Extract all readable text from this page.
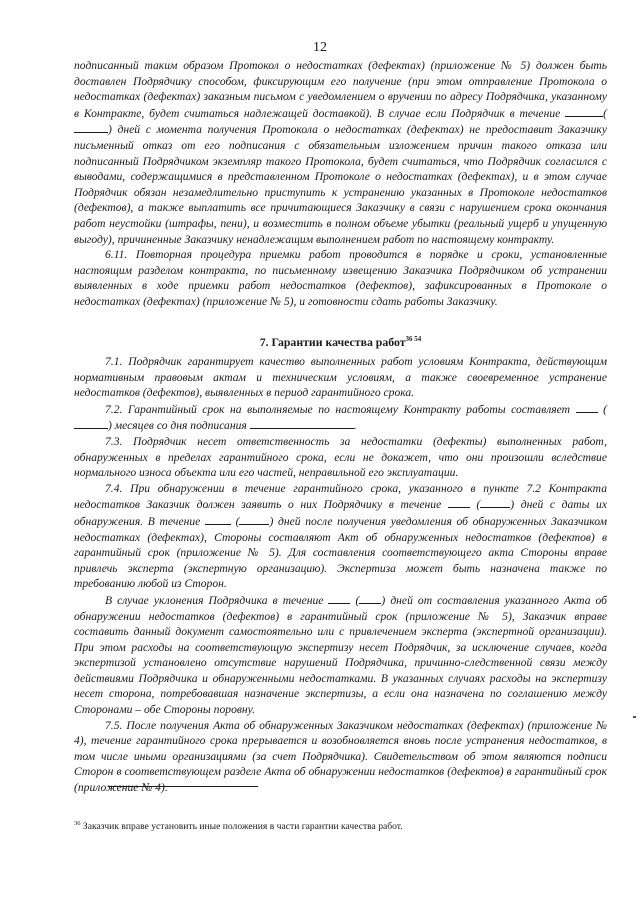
12

подписанный таким образом Протокол о недостатках (дефектах) (приложение № 5) должен быть доставлен Подрядчику способом, фиксирующим его получение (при этом отправление Протокола о недостатках (дефектах) заказным письмом с уведомлением о вручении по адресу Подрядчика, указанному в Контракте, будет считаться надлежащей доставкой). В случае если Подрядчик в течение	() дней с момента получения Протокола о недостатках (дефектах) не предоставит Заказчику письменный отказ от его подписания с обязательным изложением причин такого отказа или подписанный Подрядчиком экземпляр такого Протокола, будет считаться, что Подрядчик согласился с выводами, содержащимися в представленном Протоколе о недостатках (дефектах), и в этом случае Подрядчик обязан незамедлительно приступить к устранению указанных в Протоколе недостатков (дефектов), а также выплатить все причитающиеся Заказчику в связи с нарушением срока окончания работ неустойки (штрафы, пени), и возместить в полном объеме убытки (реальный ущерб и упущенную выгоду), причиненные Заказчику ненадлежащим выполнением работ по настоящему контракту.

6.11. Повторная процедура приемки работ проводится в порядке и сроки, установленные настоящим разделом контракта, по письменному извещению Заказчика Подрядчиком об устранении выявленных в ходе приемки работ недостатков (дефектов), зафиксированных в Протоколе о недостатках (дефектах) (приложение № 5), и готовности сдать работы Заказчику.

7. Гарантии качества работ$^{36 54}$

7.1. Подрядчик гарантирует качество выполненных работ условиям Контракта, действующим нормативным правовым актам и техническим условиям, а также своевременное устранение недостатков (дефектов), выявленных в период гарантийного срока.

7.2. Гарантийный срок на выполняемые по настоящему Контракту работы составляет  () месяцев со дня подписания	.

7.3. Подрядчик несет ответственность за недостатки (дефекты) выполненных работ, обнаруженных в пределах гарантийного срока, если не докажет, что они произошли вследствие нормального износа объекта или его частей, неправильной его эксплуатации.

7.4. При обнаружении в течение гарантийного срока, указанного в пункте 7.2 Контракта недостатков Заказчик должен заявить о них Подрядчику в течение  (	) дней с даты их обнаружения. В течение  (	) дней после получения уведомления об обнаруженных Заказчиком недостатках (дефектах), Стороны составляют Акт об обнаруженных недостатков (дефектов) в гарантийный срок (приложение № 5). Для составления соответствующего акта Стороны вправе привлечь эксперта (экспертную организацию). Экспертиза может быть назначена также по требованию любой из Сторон.

В случае уклонения Подрядчика в течение  ( ) дней от составления указанного Акта об обнаружении недостатков (дефектов) в гарантийный срок (приложение № 5), Заказчик вправе составить данный документ самостоятельно или с привлечением эксперта (экспертной организации). При этом расходы на соответствующую экспертизу несет Подрядчик, за исключение случаев, когда экспертизой установлено отсутствие нарушений Подрядчика, причинно-следственной связи между действиями Подрядчика и обнаруженными недостатками. В указанных случаях расходы на экспертизу несет сторона, потребовавшая назначение экспертизы, а если она назначена по соглашению между Сторонами – обе Стороны поровну.

7.5. После получения Акта об обнаруженных Заказчиком недостатках (дефектах) (приложение № 4), течение гарантийного срока прерывается и возобновляется вновь после устранения недостатков, в том числе иными организациями (за счет Подрядчика). Свидетельством об этом являются подписи Сторон в соответствующем разделе Акта об обнаружении недостатков (дефектов) в гарантийный срок (приложение № 4).

$^{36}$ Заказчик вправе установить иные положения в части гарантии качества работ.
